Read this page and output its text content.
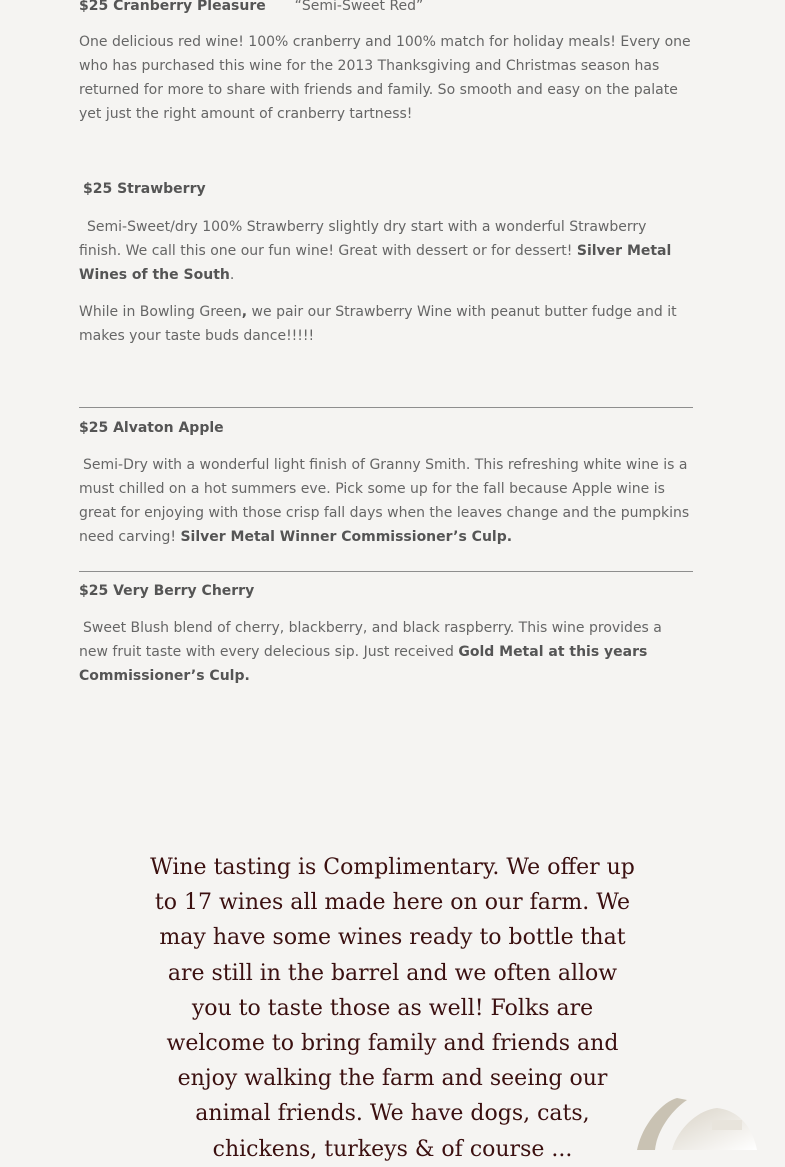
$25 Cranberry Pleasure “Semi-Sweet Red”

One delicious red wine! 100% cranberry and 100% match for holiday meals! Every one who has purchased this wine for the 2013 Thanksgiving and Christmas season has returned for more to share with friends and family. So smooth and easy on the palate yet just the right amount of cranberry tartness!

$25 Strawberry

Semi-Sweet/dry 100% Strawberry slightly dry start with a wonderful Strawberry finish. We call this one our fun wine! Great with dessert or for dessert! Silver Metal Wines of the South.

While in Bowling Green, we pair our Strawberry Wine with peanut butter fudge and it makes your taste buds dance!!!!!

$25 Alvaton Apple

Semi-Dry with a wonderful light finish of Granny Smith. This refreshing white wine is a must chilled on a hot summers eve. Pick some up for the fall because Apple wine is great for enjoying with those crisp fall days when the leaves change and the pumpkins need carving! Silver Metal Winner Commissioner’s Culp.

$25 Very Berry Cherry

Sweet Blush blend of cherry, blackberry, and black raspberry. This wine provides a new fruit taste with every delecious sip. Just received Gold Metal at this years Commissioner’s Culp.

Wine tasting is Complimentary. We offer up to 17 wines all made here on our farm. We may have some wines ready to bottle that are still in the barrel and we often allow you to taste those as well! Folks are welcome to bring family and friends and enjoy walking the farm and seeing our animal friends. We have dogs, cats, chickens, turkeys & of course ...
